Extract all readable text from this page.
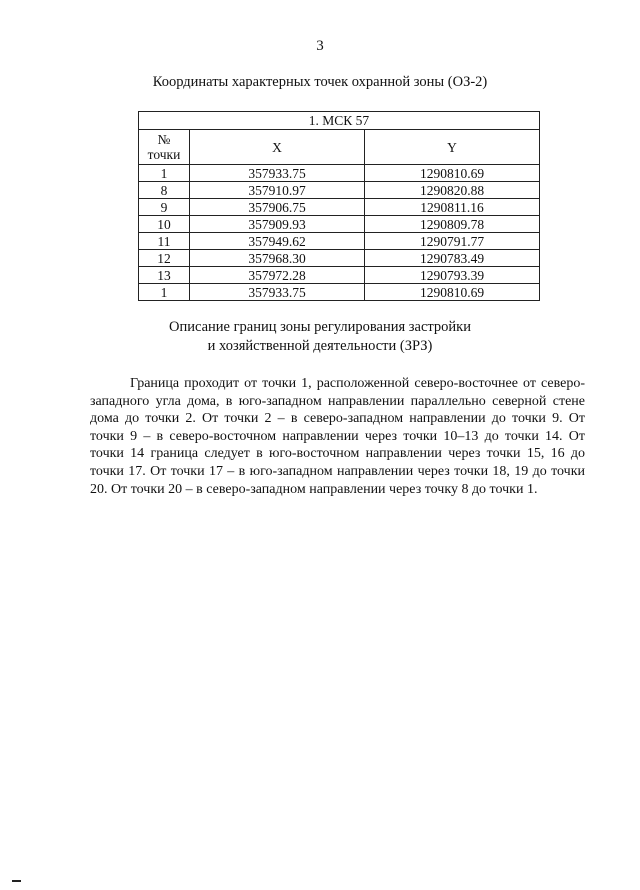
3
Координаты характерных точек охранной зоны (ОЗ-2)
1. МСК 57		
№
точки	X	Y
1	357933.75	1290810.69
8	357910.97	1290820.88
9	357906.75	1290811.16
10	357909.93	1290809.78
11	357949.62	1290791.77
12	357968.30	1290783.49
13	357972.28	1290793.39
1	357933.75	1290810.69
Описание границ зоны регулирования застройки
и хозяйственной деятельности (ЗРЗ)

Граница проходит от точки 1, расположенной северо-восточнее от северо-западного угла дома, в юго-западном направлении параллельно северной стене дома до точки 2. От точки 2 – в северо-западном направлении до точки 9. От точки 9 – в северо-восточном направлении через точки 10–13 до точки 14. От точки 14 граница следует в юго-восточном направлении через точки 15, 16 до точки 17. От точки 17 – в юго-западном направлении через точки 18, 19 до точки 20. От точки 20 – в северо-западном направлении через точку 8 до точки 1.
